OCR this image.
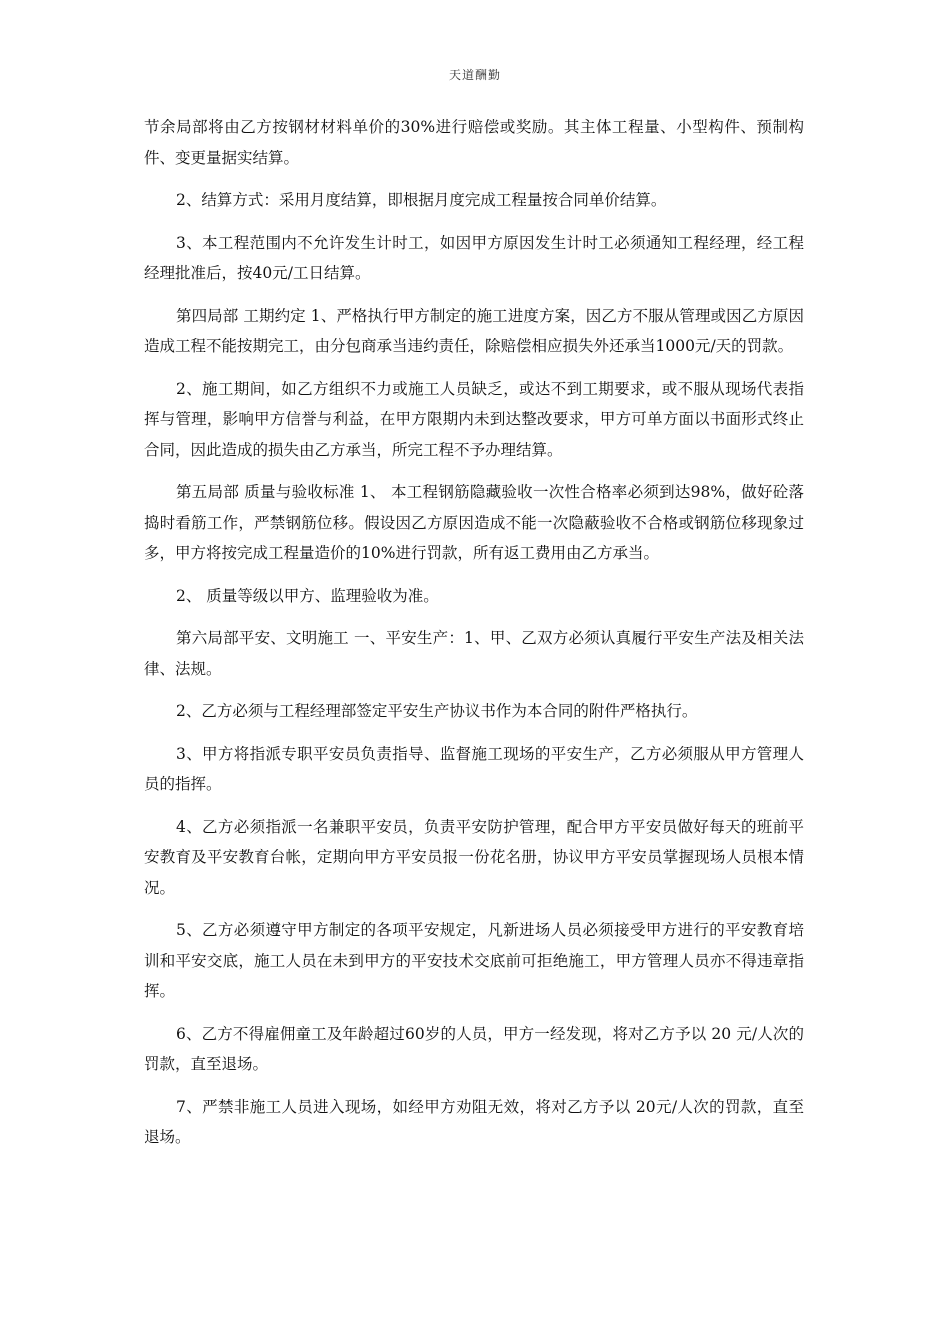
天道酬勤

节余局部将由乙方按钢材材料单价的30%进行赔偿或奖励。其主体工程量、小型构件、预制构件、变更量据实结算。

2、结算方式：采用月度结算，即根据月度完成工程量按合同单价结算。

3、本工程范围内不允许发生计时工，如因甲方原因发生计时工必须通知工程经理，经工程经理批准后，按40元/工日结算。

第四局部 工期约定 1、严格执行甲方制定的施工进度方案，因乙方不服从管理或因乙方原因造成工程不能按期完工，由分包商承当违约责任，除赔偿相应损失外还承当1000元/天的罚款。

2、施工期间，如乙方组织不力或施工人员缺乏，或达不到工期要求，或不服从现场代表指挥与管理，影响甲方信誉与利益，在甲方限期内未到达整改要求，甲方可单方面以书面形式终止合同，因此造成的损失由乙方承当，所完工程不予办理结算。

第五局部 质量与验收标准 1、 本工程钢筋隐藏验收一次性合格率必须到达98%，做好砼落捣时看筋工作，严禁钢筋位移。假设因乙方原因造成不能一次隐蔽验收不合格或钢筋位移现象过多，甲方将按完成工程量造价的10%进行罚款，所有返工费用由乙方承当。

2、 质量等级以甲方、监理验收为准。

第六局部平安、文明施工 一、平安生产：1、甲、乙双方必须认真履行平安生产法及相关法律、法规。

2、乙方必须与工程经理部签定平安生产协议书作为本合同的附件严格执行。

3、甲方将指派专职平安员负责指导、监督施工现场的平安生产，乙方必须服从甲方管理人员的指挥。

4、乙方必须指派一名兼职平安员，负责平安防护管理，配合甲方平安员做好每天的班前平安教育及平安教育台帐，定期向甲方平安员报一份花名册，协议甲方平安员掌握现场人员根本情况。

5、乙方必须遵守甲方制定的各项平安规定，凡新进场人员必须接受甲方进行的平安教育培训和平安交底，施工人员在未到甲方的平安技术交底前可拒绝施工，甲方管理人员亦不得违章指挥。

6、乙方不得雇佣童工及年龄超过60岁的人员，甲方一经发现，将对乙方予以 20 元/人次的罚款，直至退场。

7、严禁非施工人员进入现场，如经甲方劝阻无效，将对乙方予以 20元/人次的罚款，直至退场。
